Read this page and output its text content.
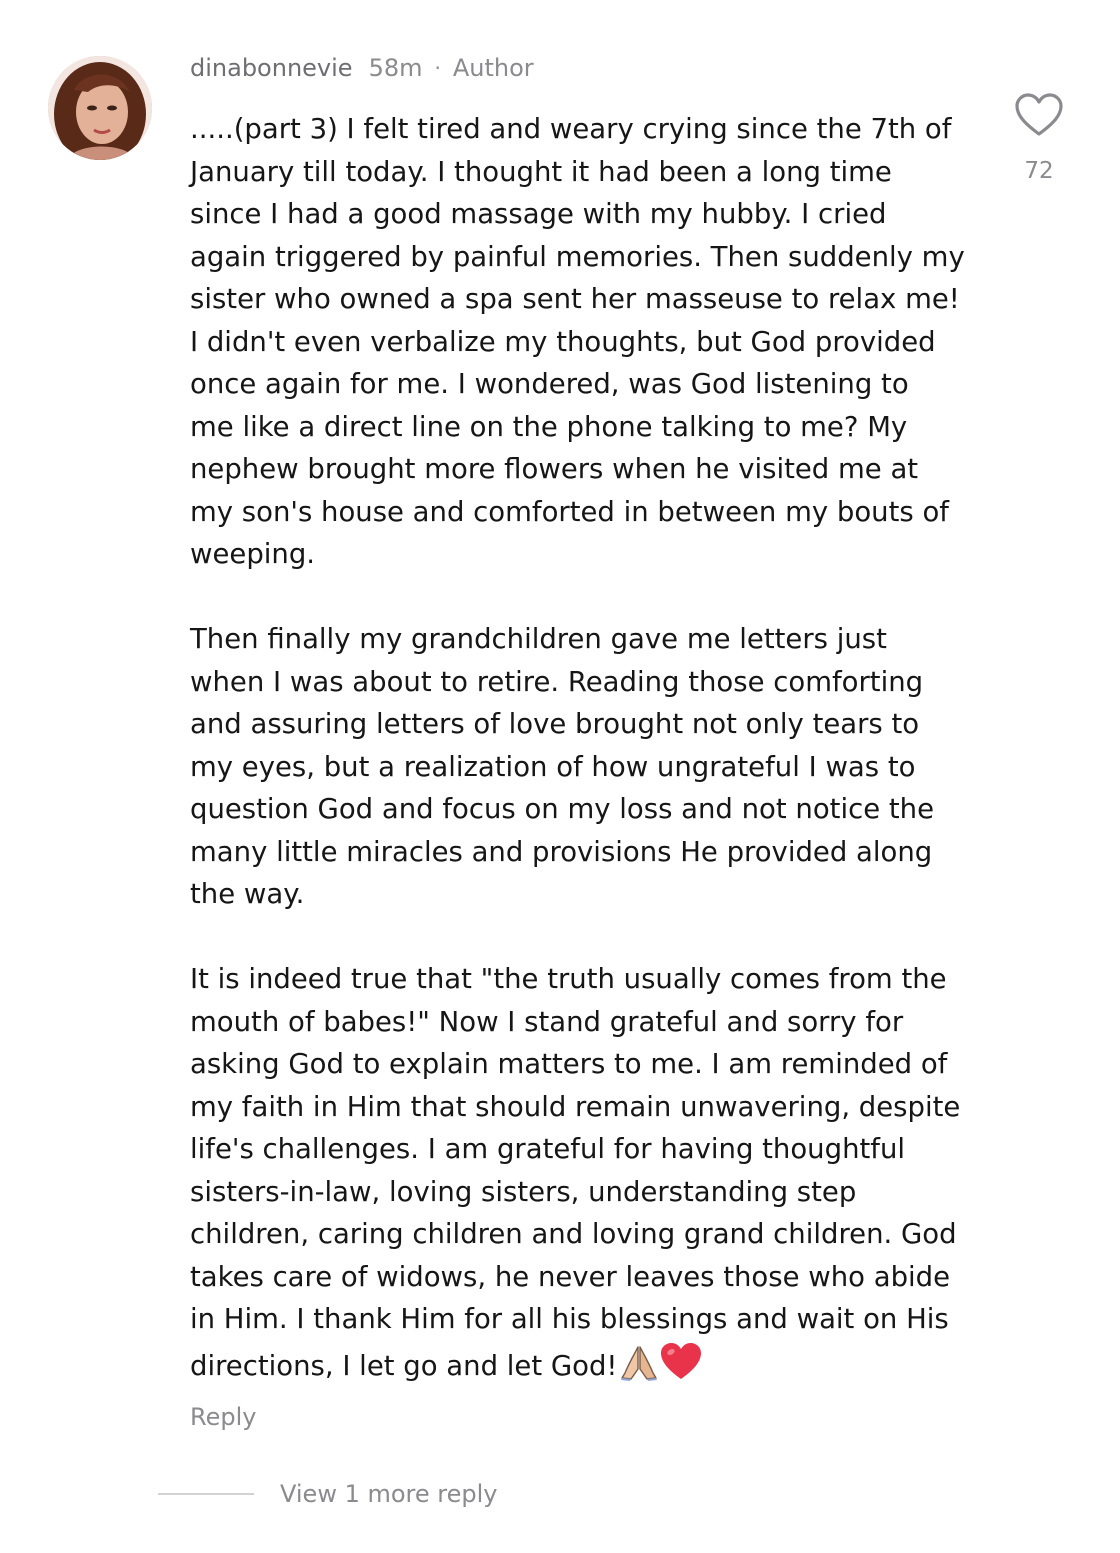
dinabonnevie 58m · Author

.....(part 3) I felt tired and weary crying since the 7th of
January till today. I thought it had been a long time
since I had a good massage with my hubby. I cried
again triggered by painful memories. Then suddenly my
sister who owned a spa sent her masseuse to relax me!
I didn't even verbalize my thoughts, but God provided
once again for me. I wondered, was God listening to
me like a direct line on the phone talking to me? My
nephew brought more flowers when he visited me at
my son's house and comforted in between my bouts of
weeping.

Then finally my grandchildren gave me letters just
when I was about to retire. Reading those comforting
and assuring letters of love brought not only tears to
my eyes, but a realization of how ungrateful I was to
question God and focus on my loss and not notice the
many little miracles and provisions He provided along
the way.

It is indeed true that "the truth usually comes from the
mouth of babes!" Now I stand grateful and sorry for
asking God to explain matters to me. I am reminded of
my faith in Him that should remain unwavering, despite
life's challenges. I am grateful for having thoughtful
sisters-in-law, loving sisters, understanding step
children, caring children and loving grand children. God
takes care of widows, he never leaves those who abide
in Him. I thank Him for all his blessings and wait on His
directions, I let go and let God!

72
Reply
View 1 more reply
